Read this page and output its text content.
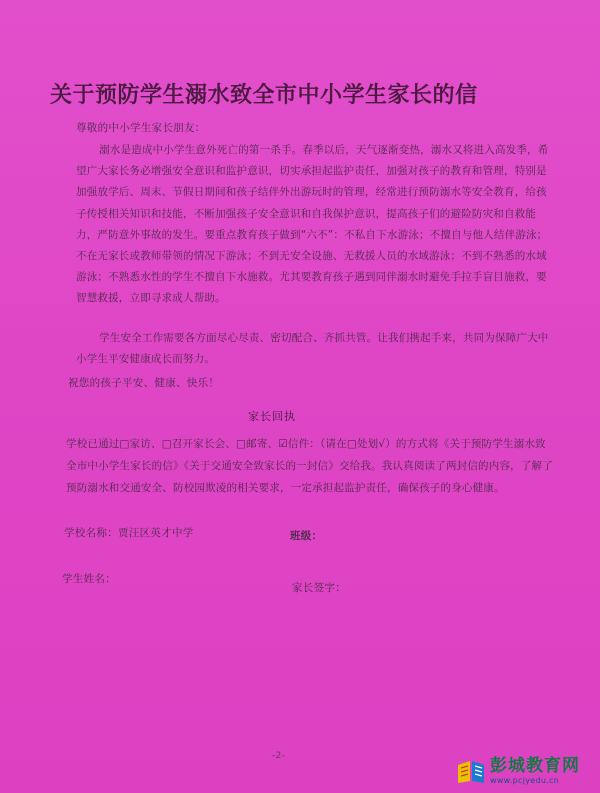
关于预防学生溺水致全市中小学生家长的信
尊敬的中小学生家长朋友：
溺水是造成中小学生意外死亡的第一杀手。春季以后，天气逐渐变热，溺水又将进入高发季，希望广大家长务必增强安全意识和监护意识，切实承担起监护责任，加强对孩子的教育和管理，特别是加强放学后、周末、节假日期间和孩子结伴外出游玩时的管理，经常进行预防溺水等安全教育，给孩子传授相关知识和技能，不断加强孩子安全意识和自我保护意识，提高孩子们的避险防灾和自救能力，严防意外事故的发生。要重点教育孩子做到“六不”：不私自下水游泳；不擅自与他人结伴游泳；不在无家长或教师带领的情况下游泳；不到无安全设施、无救援人员的水域游泳；不到不熟悉的水域游泳；不熟悉水性的学生不擅自下水施救。尤其要教育孩子遇到同伴溺水时避免手拉手盲目施救，要智慧救援，立即寻求成人帮助。
学生安全工作需要各方面尽心尽责、密切配合、齐抓共管。让我们携起手来，共同为保障广大中小学生平安健康成长而努力。
祝您的孩子平安、健康、快乐！
家长回执
学校已通过□家访、□召开家长会、□邮寄、☑信件：（请在□处划√）的方式将《关于预防学生溺水致全市中小学生家长的信》《关于交通安全致家长的一封信》交给我。我认真阅读了两封信的内容，了解了预防溺水和交通安全、防校园欺凌的相关要求，一定承担起监护责任，确保孩子的身心健康。
学校名称：贾汪区英才中学	班级：
学生姓名：
家长签字：
-2-	彭城教育网
www.pcjyedu.cn
